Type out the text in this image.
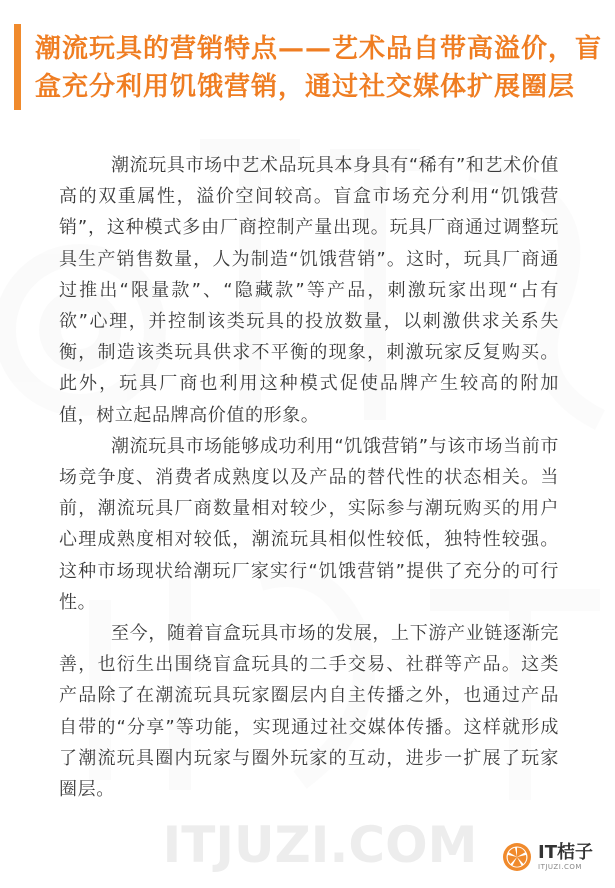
ITJUZI.COM
潮流玩具的营销特点——艺术品自带高溢价，盲盒充分利用饥饿营销，通过社交媒体扩展圈层

潮流玩具市场中艺术品玩具本身具有“稀有”和艺术价值高的双重属性，溢价空间较高。盲盒市场充分利用“饥饿营销”，这种模式多由厂商控制产量出现。玩具厂商通过调整玩具生产销售数量，人为制造“饥饿营销”。这时，玩具厂商通过推出“限量款”、“隐藏款”等产品，刺激玩家出现“占有欲”心理，并控制该类玩具的投放数量，以刺激供求关系失衡，制造该类玩具供求不平衡的现象，刺激玩家反复购买。此外，玩具厂商也利用这种模式促使品牌产生较高的附加值，树立起品牌高价值的形象。

潮流玩具市场能够成功利用“饥饿营销”与该市场当前市场竞争度、消费者成熟度以及产品的替代性的状态相关。当前，潮流玩具厂商数量相对较少，实际参与潮玩购买的用户心理成熟度相对较低，潮流玩具相似性较低，独特性较强。这种市场现状给潮玩厂家实行“饥饿营销”提供了充分的可行性。

至今，随着盲盒玩具市场的发展，上下游产业链逐渐完善，也衍生出围绕盲盒玩具的二手交易、社群等产品。这类产品除了在潮流玩具玩家圈层内自主传播之外，也通过产品自带的“分享”等功能，实现通过社交媒体传播。这样就形成了潮流玩具圈内玩家与圈外玩家的互动，进步一扩展了玩家圈层。

IT桔子
ITJUZI.COM
